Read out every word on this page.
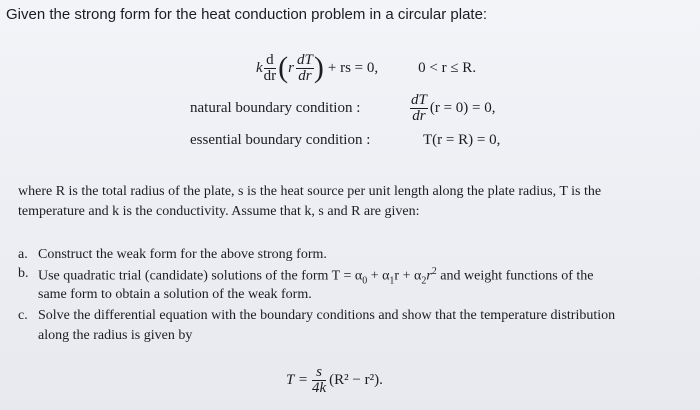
Given the strong form for the heat conduction problem in a circular plate:
k $\frac{d}{dr}$ ( r $\frac{dT}{dr}$ ) + rs = 0,	0 < r ≤ R.
natural boundary condition :	$\frac{dT}{dr} (r = 0) = 0$,
essential boundary condition :	T(r = R) = 0,
where R is the total radius of the plate, s is the heat source per unit length along the plate radius, T is the
temperature and k is the conductivity. Assume that k, s and R are given:
a. Construct the weak form for the above strong form.
b. Use quadratic trial (candidate) solutions of the form $T = \alpha_0 + \alpha_1r + \alpha_2r^2$ and weight functions of the
same form to obtain a solution of the weak form.
c. Solve the differential equation with the boundary conditions and show that the temperature distribution
along the radius is given by
$T = \frac{s}{4k} (R^2 - r^2)$.
